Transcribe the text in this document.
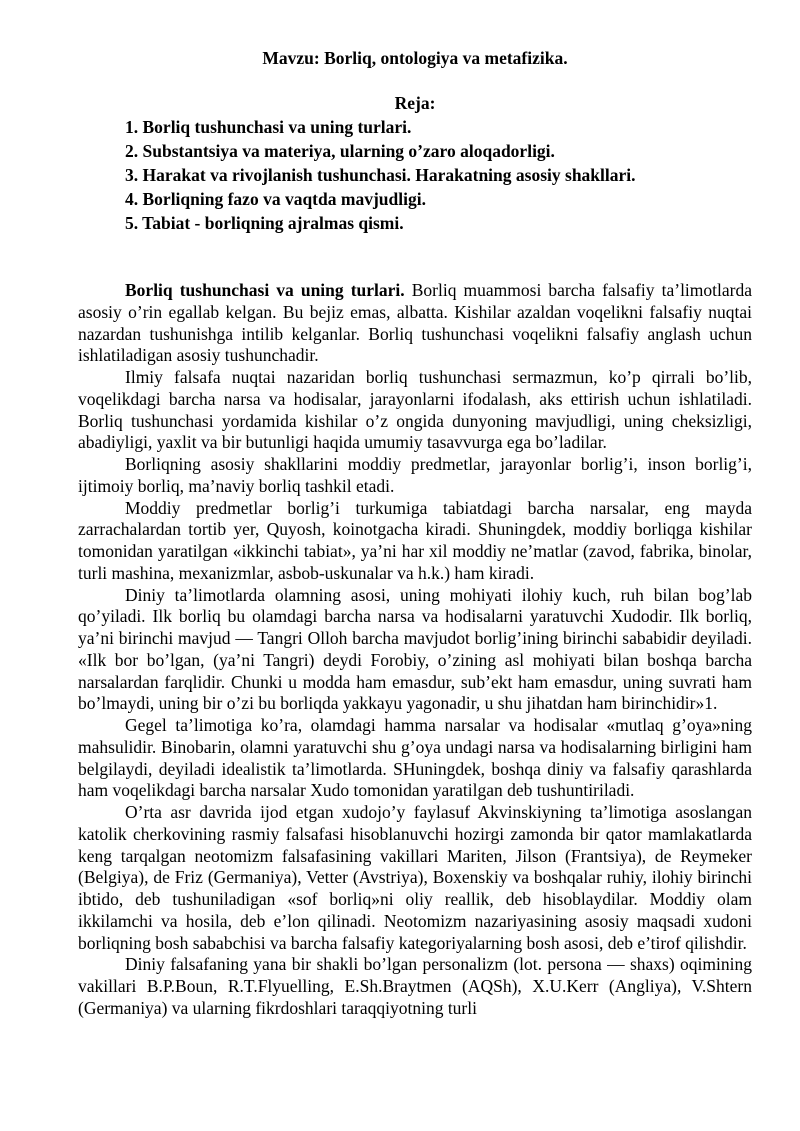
Mavzu: Borliq, ontologiya va metafizika.

Reja:

1. Borliq tushunchasi va uning turlari.
2. Substantsiya va materiya, ularning o’zaro aloqadorligi.
3. Harakat va rivojlanish tushunchasi. Harakatning asosiy shakllari.
4. Borliqning fazo va vaqtda mavjudligi.
5. Tabiat - borliqning ajralmas qismi.

Borliq tushunchasi va uning turlari. Borliq muammosi barcha falsafiy ta’limotlarda asosiy o’rin egallab kelgan. Bu bejiz emas, albatta. Kishilar azaldan voqelikni falsafiy nuqtai nazardan tushunishga intilib kelganlar. Borliq tushunchasi voqelikni falsafiy anglash uchun ishlatiladigan asosiy tushunchadir.

Ilmiy falsafa nuqtai nazaridan borliq tushunchasi sermazmun, ko’p qirrali bo’lib, voqelikdagi barcha narsa va hodisalar, jarayonlarni ifodalash, aks ettirish uchun ishlatiladi. Borliq tushunchasi yordamida kishilar o’z ongida dunyoning mavjudligi, uning cheksizligi, abadiyligi, yaxlit va bir butunligi haqida umumiy tasavvurga ega bo’ladilar.

Borliqning asosiy shakllarini moddiy predmetlar, jarayonlar borlig’i, inson borlig’i, ijtimoiy borliq, ma’naviy borliq tashkil etadi.

Moddiy predmetlar borlig’i turkumiga tabiatdagi barcha narsalar, eng mayda zarrachalardan tortib yer, Quyosh, koinotgacha kiradi. Shuningdek, moddiy borliqga kishilar tomonidan yaratilgan «ikkinchi tabiat», ya’ni har xil moddiy ne’matlar (zavod, fabrika, binolar, turli mashina, mexanizmlar, asbob-uskunalar va h.k.) ham kiradi.

Diniy ta’limotlarda olamning asosi, uning mohiyati ilohiy kuch, ruh bilan bog’lab qo’yiladi. Ilk borliq bu olamdagi barcha narsa va hodisalarni yaratuvchi Xudodir. Ilk borliq, ya’ni birinchi mavjud — Tangri Olloh barcha mavjudot borlig’ining birinchi sababidir deyiladi. «Ilk bor bo’lgan, (ya’ni Tangri) deydi Forobiy, o’zining asl mohiyati bilan boshqa barcha narsalardan farqlidir. Chunki u modda ham emasdur, sub’ekt ham emasdur, uning suvrati ham bo’lmaydi, uning bir o’zi bu borliqda yakkayu yagonadir, u shu jihatdan ham birinchidir»1.

Gegel ta’limotiga ko’ra, olamdagi hamma narsalar va hodisalar «mutlaq g’oya»ning mahsulidir. Binobarin, olamni yaratuvchi shu g’oya undagi narsa va hodisalarning birligini ham belgilaydi, deyiladi idealistik ta’limotlarda. SHuningdek, boshqa diniy va falsafiy qarashlarda ham voqelikdagi barcha narsalar Xudo tomonidan yaratilgan deb tushuntiriladi.

O’rta asr davrida ijod etgan xudojo’y faylasuf Akvinskiyning ta’limotiga asoslangan katolik cherkovining rasmiy falsafasi hisoblanuvchi hozirgi zamonda bir qator mamlakatlarda keng tarqalgan neotomizm falsafasining vakillari Mariten, Jilson (Frantsiya), de Reymeker (Belgiya), de Friz (Germaniya), Vetter (Avstriya), Boxenskiy va boshqalar ruhiy, ilohiy birinchi ibtido, deb tushuniladigan «sof borliq»ni oliy reallik, deb hisoblaydilar. Moddiy olam ikkilamchi va hosila, deb e’lon qilinadi. Neotomizm nazariyasining asosiy maqsadi xudoni borliqning bosh sababchisi va barcha falsafiy kategoriyalarning bosh asosi, deb e’tirof qilishdir.

Diniy falsafaning yana bir shakli bo’lgan personalizm (lot. persona — shaxs) oqimining vakillari B.P.Boun, R.T.Flyuelling, E.Sh.Braytmen (AQSh), X.U.Kerr (Angliya), V.Shtern (Germaniya) va ularning fikrdoshlari taraqqiyotning turli
